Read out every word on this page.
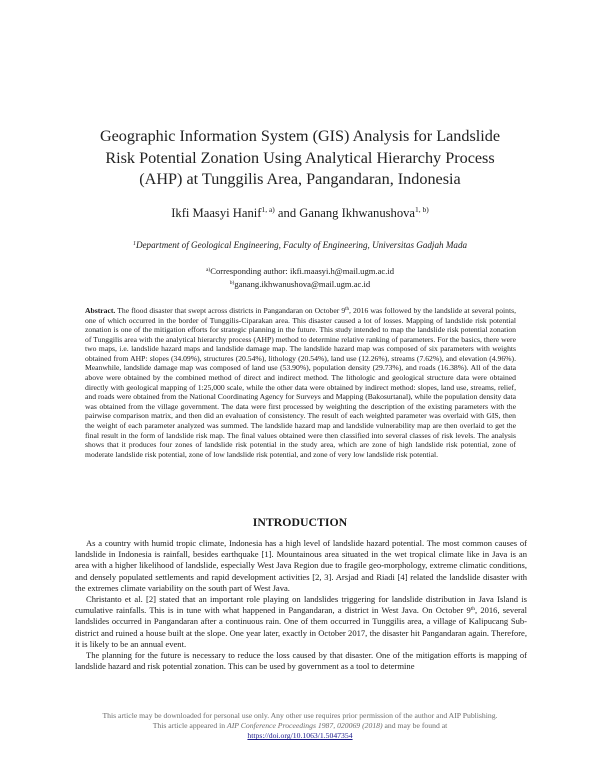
Geographic Information System (GIS) Analysis for Landslide
Risk Potential Zonation Using Analytical Hierarchy Process
(AHP) at Tunggilis Area, Pangandaran, Indonesia
Ikfi Maasyi Hanif$^{1, a)}$ and Ganang Ikhwanushova$^{1, b)}$
$^1$Department of Geological Engineering, Faculty of Engineering, Universitas Gadjah Mada
$^{a)}$Corresponding author: ikfi.maasyi.h@mail.ugm.ac.id
$^{b)}$ganang.ikhwanushova@mail.ugm.ac.id

Abstract. The flood disaster that swept across districts in Pangandaran on October 9th, 2016 was followed by the landslide at several points, one of which occurred in the border of Tunggilis-Ciparakan area. This disaster caused a lot of losses. Mapping of landslide risk potential zonation is one of the mitigation efforts for strategic planning in the future. This study intended to map the landslide risk potential zonation of Tunggilis area with the analytical hierarchy process (AHP) method to determine relative ranking of parameters. For the basics, there were two maps, i.e. landslide hazard maps and landslide damage map. The landslide hazard map was composed of six parameters with weights obtained from AHP: slopes (34.09%), structures (20.54%), lithology (20.54%), land use (12.26%), streams (7.62%), and elevation (4.96%). Meanwhile, landslide damage map was composed of land use (53.90%), population density (29.73%), and roads (16.38%). All of the data above were obtained by the combined method of direct and indirect method. The lithologic and geological structure data were obtained directly with geological mapping of 1:25,000 scale, while the other data were obtained by indirect method: slopes, land use, streams, relief, and roads were obtained from the National Coordinating Agency for Surveys and Mapping (Bakosurtanal), while the population density data was obtained from the village government. The data were first processed by weighting the description of the existing parameters with the pairwise comparison matrix, and then did an evaluation of consistency. The result of each weighted parameter was overlaid with GIS, then the weight of each parameter analyzed was summed. The landslide hazard map and landslide vulnerability map are then overlaid to get the final result in the form of landslide risk map. The final values obtained were then classified into several classes of risk levels. The analysis shows that it produces four zones of landslide risk potential in the study area, which are zone of high landslide risk potential, zone of moderate landslide risk potential, zone of low landslide risk potential, and zone of very low landslide risk potential.

INTRODUCTION

As a country with humid tropic climate, Indonesia has a high level of landslide hazard potential. The most common causes of landslide in Indonesia is rainfall, besides earthquake [1]. Mountainous area situated in the wet tropical climate like in Java is an area with a higher likelihood of landslide, especially West Java Region due to fragile geo-morphology, extreme climatic conditions, and densely populated settlements and rapid development activities [2, 3]. Arsjad and Riadi [4] related the landslide disaster with the extremes climate variability on the south part of West Java.

Christanto et al. [2] stated that an important role playing on landslides triggering for landslide distribution in Java Island is cumulative rainfalls. This is in tune with what happened in Pangandaran, a district in West Java. On October 9th, 2016, several landslides occurred in Pangandaran after a continuous rain. One of them occurred in Tunggilis area, a village of Kalipucang Sub-district and ruined a house built at the slope. One year later, exactly in October 2017, the disaster hit Pangandaran again. Therefore, it is likely to be an annual event.

The planning for the future is necessary to reduce the loss caused by that disaster. One of the mitigation efforts is mapping of landslide hazard and risk potential zonation. This can be used by government as a tool to determine

This article may be downloaded for personal use only. Any other use requires prior permission of the author and AIP Publishing.
This article appeared in AIP Conference Proceedings 1987, 020069 (2018) and may be found at
https://doi.org/10.1063/1.5047354
